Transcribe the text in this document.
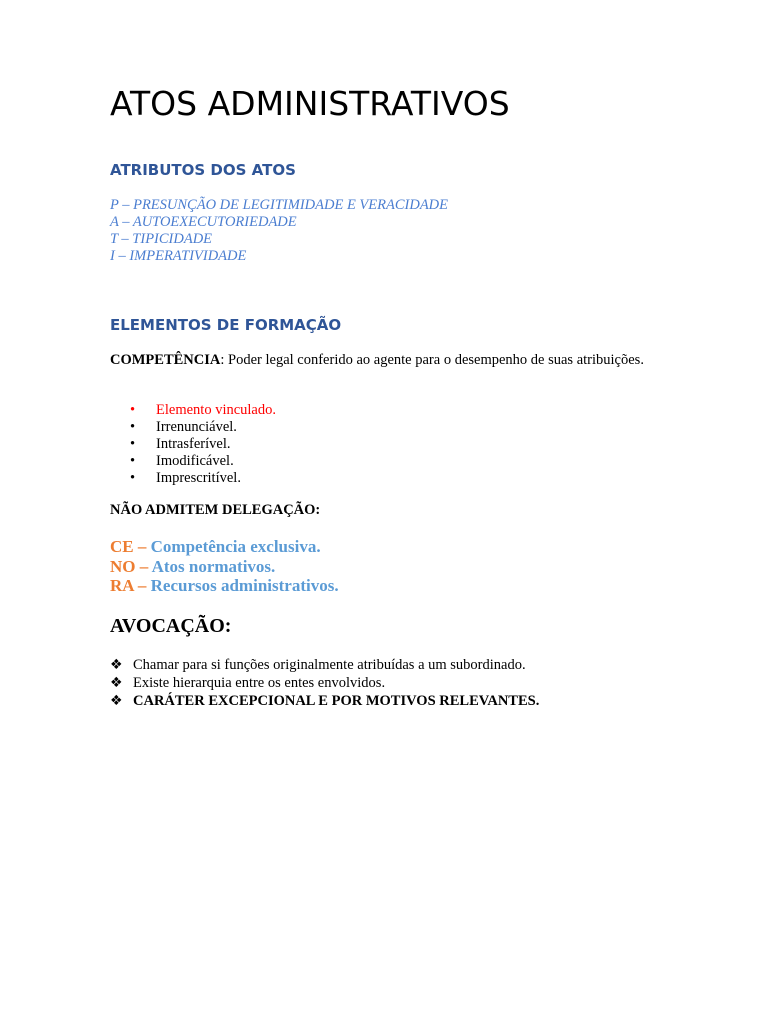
ATOS ADMINISTRATIVOS
ATRIBUTOS DOS ATOS
P – PRESUNÇÃO DE LEGITIMIDADE E VERACIDADE
A – AUTOEXECUTORIEDADE
T – TIPICIDADE
I – IMPERATIVIDADE
ELEMENTOS DE FORMAÇÃO

COMPETÊNCIA: Poder legal conferido ao agente para o desempenho de suas atribuições.

• Elemento vinculado.
• Irrenunciável.
• Intrasferível.
• Imodificável.
• Imprescritível.

NÃO ADMITEM DELEGAÇÃO:

CE – Competência exclusiva.
NO – Atos normativos.
RA – Recursos administrativos.
AVOCAÇÃO:
❖ Chamar para si funções originalmente atribuídas a um subordinado.
❖ Existe hierarquia entre os entes envolvidos.
❖ CARÁTER EXCEPCIONAL E POR MOTIVOS RELEVANTES.
